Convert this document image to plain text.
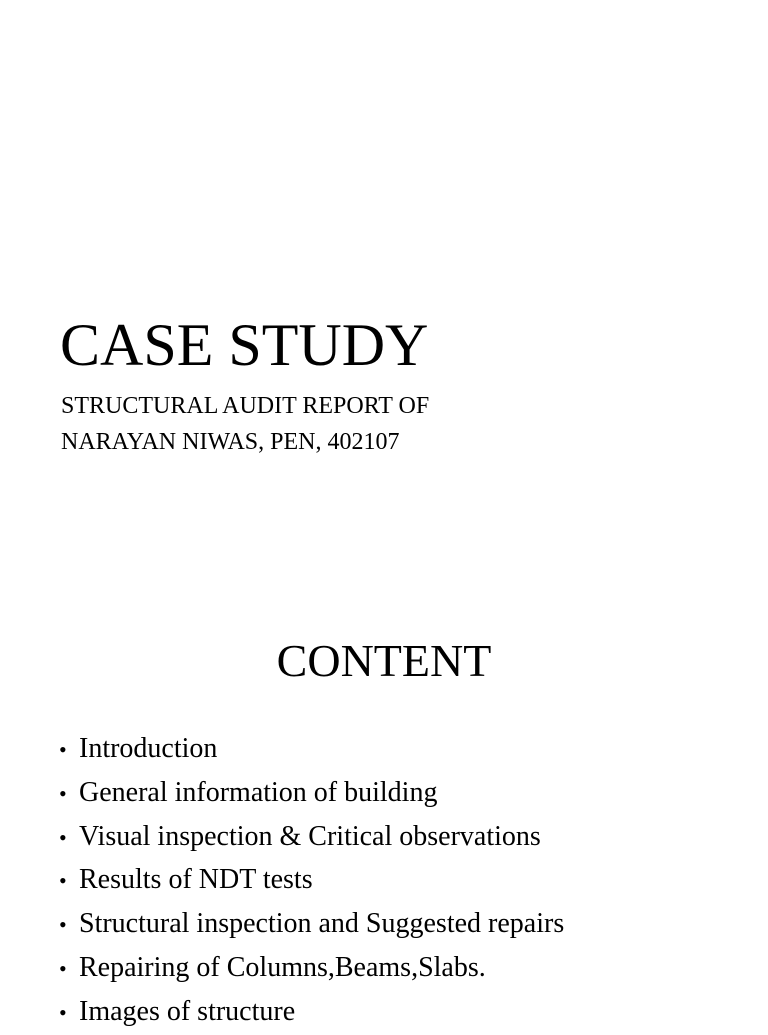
CASE STUDY

STRUCTURAL AUDIT REPORT OF
NARAYAN NIWAS, PEN, 402107

CONTENT
• Introduction
• General information of building
• Visual inspection & Critical observations
• Results of NDT tests
• Structural inspection and Suggested repairs
• Repairing of Columns,Beams,Slabs.
• Images of structure
